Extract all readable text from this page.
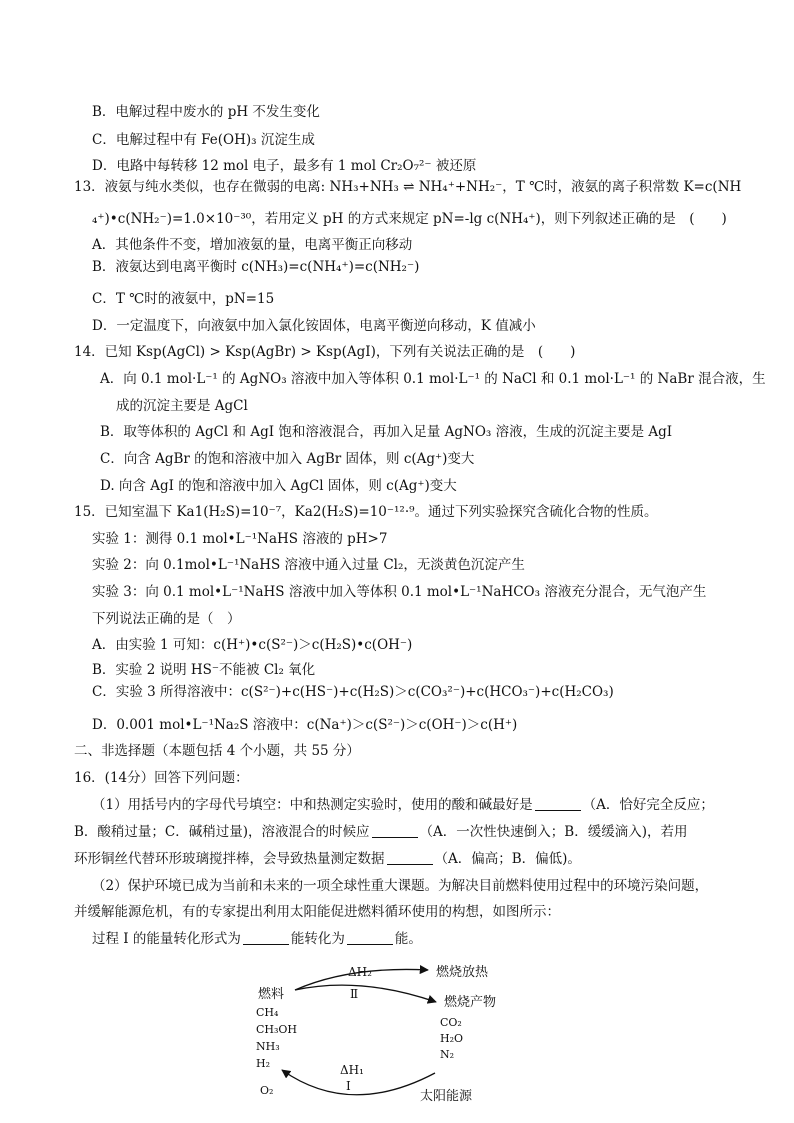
B．电解过程中废水的 pH 不发生变化
C．电解过程中有 Fe(OH)₃ 沉淀生成
D．电路中每转移 12 mol 电子，最多有 1 mol Cr₂O₇²⁻ 被还原
13．液氨与纯水类似，也存在微弱的电离: NH₃+NH₃ ⇌ NH₄⁺+NH₂⁻，T ℃时，液氨的离子积常数 K=c(NH
₄⁺)•c(NH₂⁻)=1.0×10⁻³⁰，若用定义 pH 的方式来规定 pN=-lg c(NH₄⁺)，则下列叙述正确的是　(　　)
A．其他条件不变，增加液氨的量，电离平衡正向移动
B．液氨达到电离平衡时 c(NH₃)=c(NH₄⁺)=c(NH₂⁻)
C．T ℃时的液氨中，pN=15
D．一定温度下，向液氨中加入氯化铵固体，电离平衡逆向移动，K 值减小
14．已知 Ksp(AgCl) > Ksp(AgBr) > Ksp(AgI)，下列有关说法正确的是　(　　)
A．向 0.1 mol·L⁻¹ 的 AgNO₃ 溶液中加入等体积 0.1 mol·L⁻¹ 的 NaCl 和 0.1 mol·L⁻¹ 的 NaBr 混合液，生
成的沉淀主要是 AgCl
B．取等体积的 AgCl 和 AgI 饱和溶液混合，再加入足量 AgNO₃ 溶液，生成的沉淀主要是 AgI
C．向含 AgBr 的饱和溶液中加入 AgBr 固体，则 c(Ag⁺)变大
D. 向含 AgI 的饱和溶液中加入 AgCl 固体，则 c(Ag⁺)变大
15．已知室温下 Ka1(H₂S)=10⁻⁷，Ka2(H₂S)=10⁻¹²·⁹。通过下列实验探究含硫化合物的性质。
实验 1：测得 0.1 mol•L⁻¹NaHS 溶液的 pH>7
实验 2：向 0.1mol•L⁻¹NaHS 溶液中通入过量 Cl₂，无淡黄色沉淀产生
实验 3：向 0.1 mol•L⁻¹NaHS 溶液中加入等体积 0.1 mol•L⁻¹NaHCO₃ 溶液充分混合，无气泡产生
下列说法正确的是（　）
A．由实验 1 可知：c(H⁺)•c(S²⁻)＞c(H₂S)•c(OH⁻)
B．实验 2 说明 HS⁻不能被 Cl₂ 氧化
C．实验 3 所得溶液中：c(S²⁻)+c(HS⁻)+c(H₂S)＞c(CO₃²⁻)+c(HCO₃⁻)+c(H₂CO₃)
D．0.001 mol•L⁻¹Na₂S 溶液中：c(Na⁺)＞c(S²⁻)＞c(OH⁻)＞c(H⁺)
二、非选择题（本题包括 4 个小题，共 55 分）
16．(14分）回答下列问题：
（1）用括号内的字母代号填空：中和热测定实验时，使用的酸和碱最好是	（A．恰好完全反应；
B．酸稍过量；C．碱稍过量)，溶液混合的时候应	（A．一次性快速倒入；B．缓缓滴入)，若用
环形铜丝代替环形玻璃搅拌棒，会导致热量测定数据	（A．偏高；B．偏低)。
（2）保护环境已成为当前和未来的一项全球性重大课题。为解决目前燃料使用过程中的环境污染问题，
并缓解能源危机，有的专家提出利用太阳能促进燃料循环使用的构想，如图所示：
过程 I 的能量转化形式为	能转化为	能。
ΔH₂
Ⅱ
燃烧放热
燃烧产物
CO₂
H₂O
N₂
燃料
CH₄
CH₃OH
NH₃
H₂
O₂
ΔH₁
Ⅰ
太阳能源
